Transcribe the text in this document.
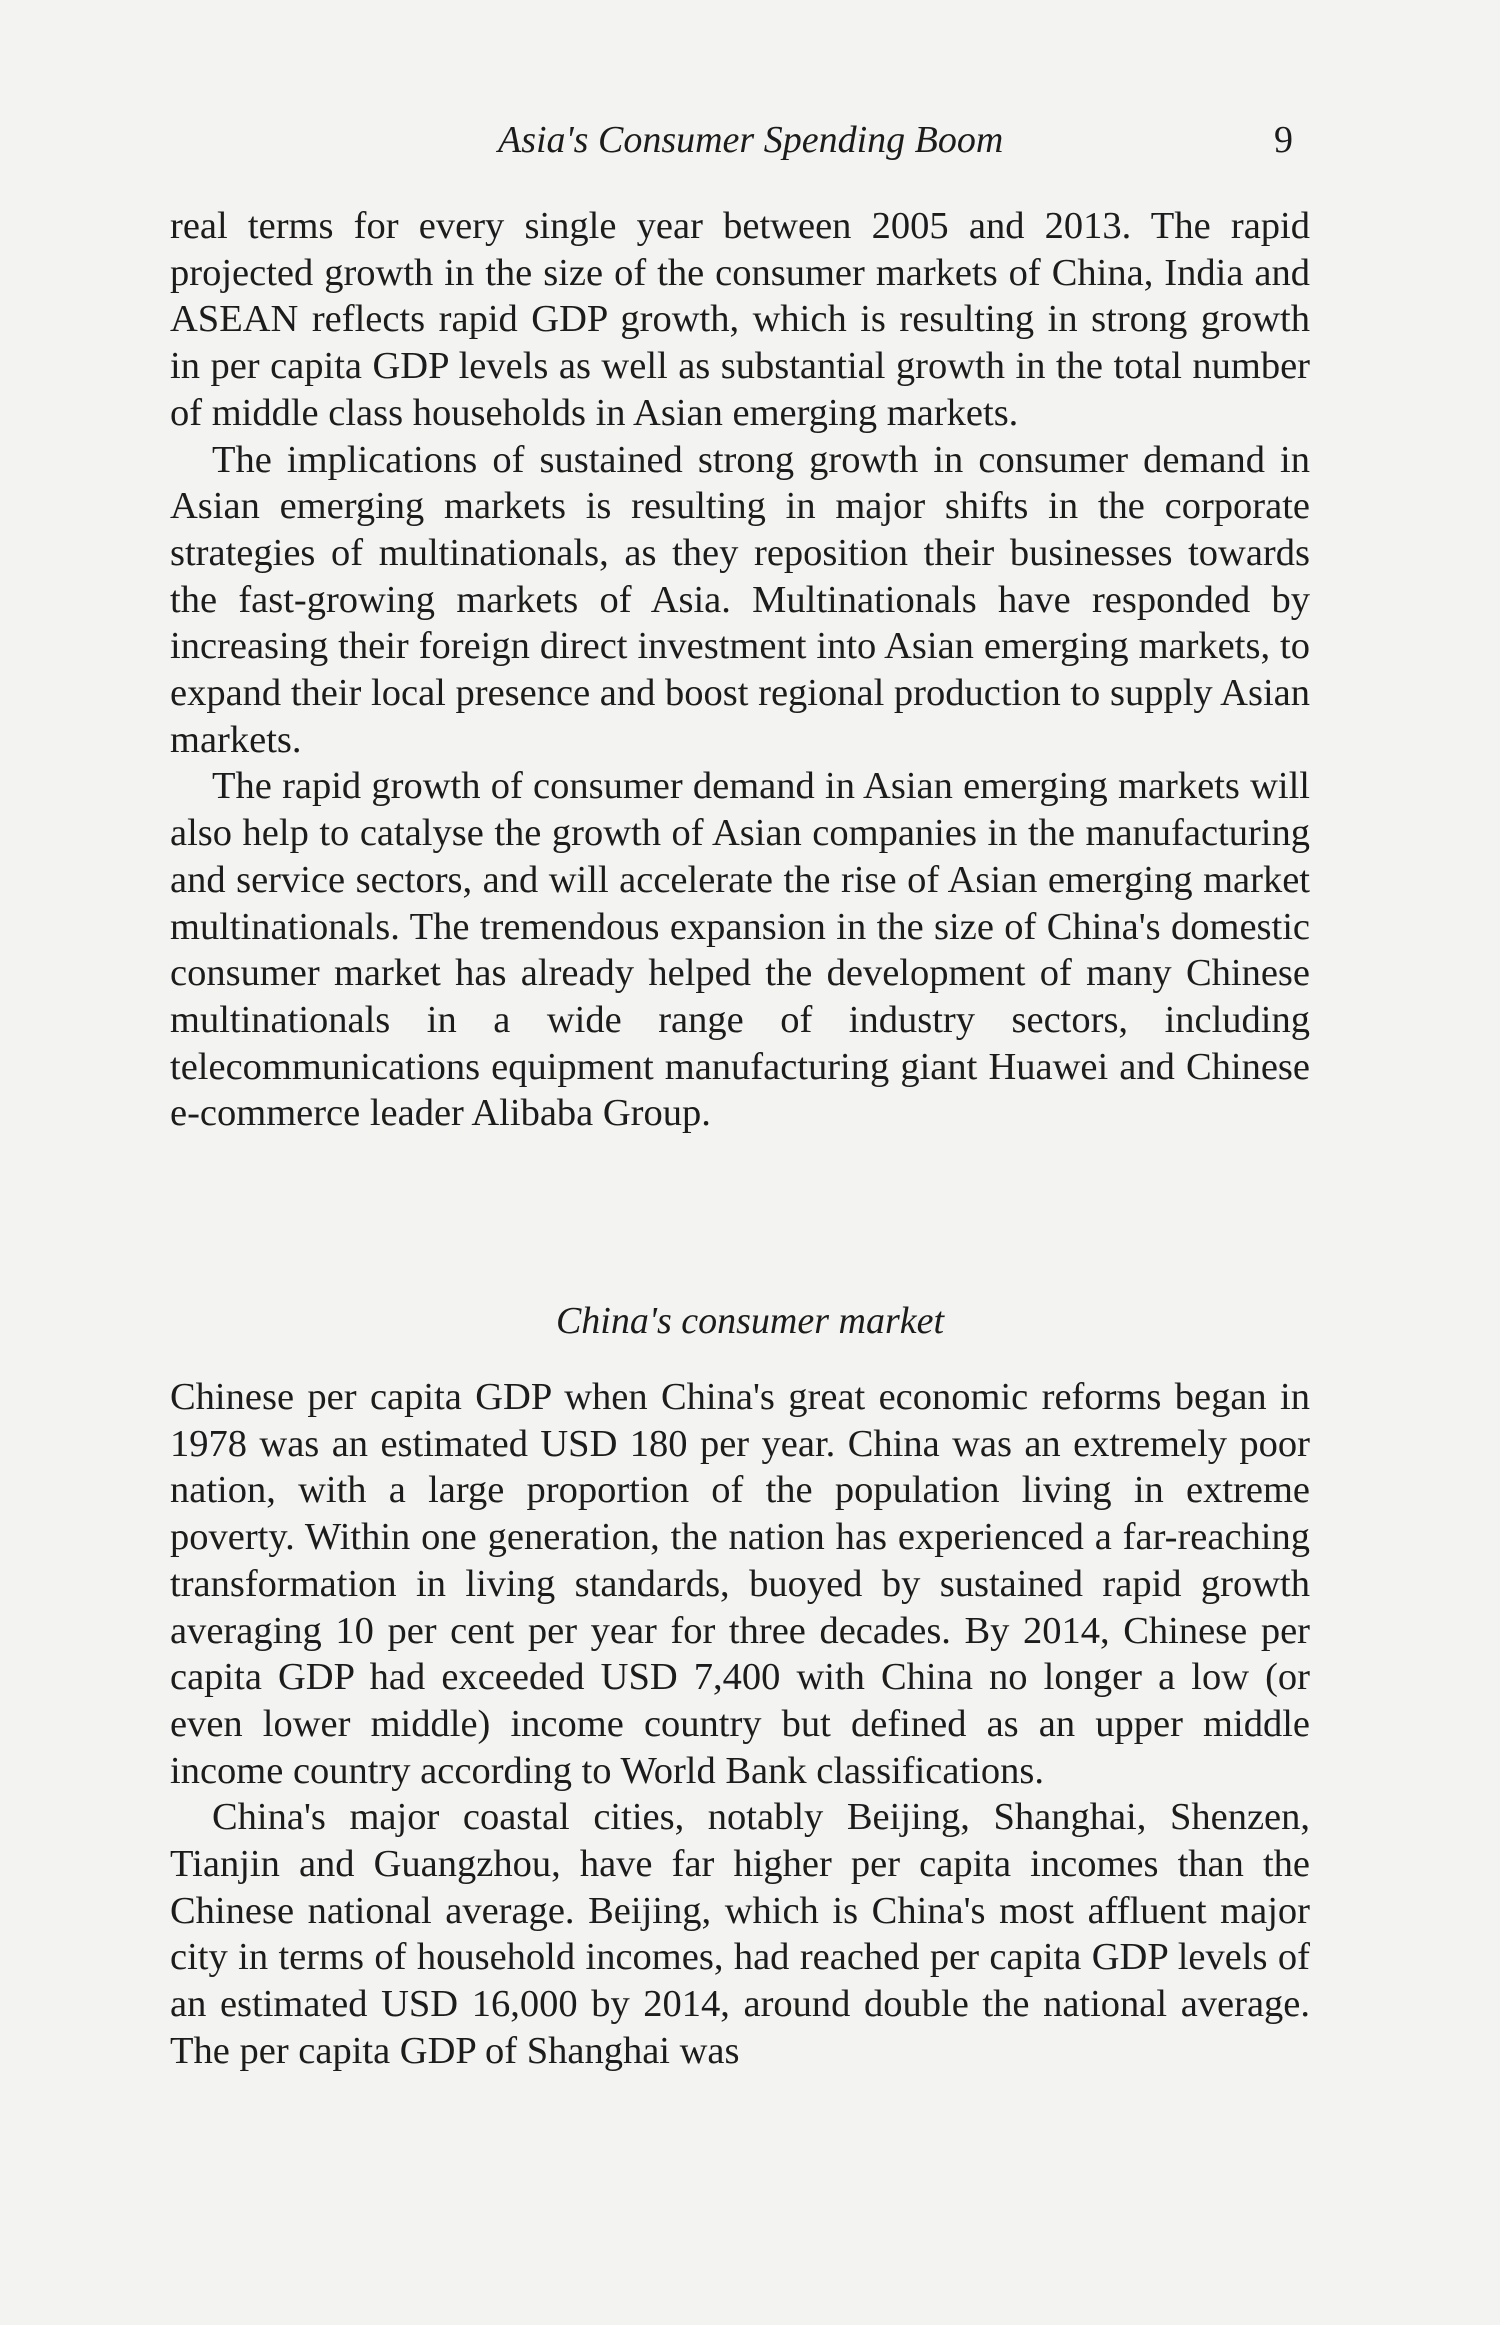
Asia's Consumer Spending Boom	9

real terms for every single year between 2005 and 2013. The rapid projected growth in the size of the consumer markets of China, India and ASEAN reflects rapid GDP growth, which is resulting in strong growth in per capita GDP levels as well as substantial growth in the total number of middle class households in Asian emerging markets.

The implications of sustained strong growth in consumer demand in Asian emerging markets is resulting in major shifts in the corporate strategies of multinationals, as they reposition their businesses towards the fast-growing markets of Asia. Multinationals have responded by increasing their foreign direct investment into Asian emerging markets, to expand their local presence and boost regional production to supply Asian markets.

The rapid growth of consumer demand in Asian emerging markets will also help to catalyse the growth of Asian companies in the manufacturing and service sectors, and will accelerate the rise of Asian emerging market multinationals. The tremendous expansion in the size of China's domestic consumer market has already helped the development of many Chinese multinationals in a wide range of industry sectors, including telecommunications equipment manufacturing giant Huawei and Chinese e-commerce leader Alibaba Group.

China's consumer market

Chinese per capita GDP when China's great economic reforms began in 1978 was an estimated USD 180 per year. China was an extremely poor nation, with a large proportion of the population living in extreme poverty. Within one generation, the nation has experienced a far-reaching transformation in living standards, buoyed by sustained rapid growth averaging 10 per cent per year for three decades. By 2014, Chinese per capita GDP had exceeded USD 7,400 with China no longer a low (or even lower middle) income country but defined as an upper middle income country according to World Bank classifications.

China's major coastal cities, notably Beijing, Shanghai, Shenzen, Tianjin and Guangzhou, have far higher per capita incomes than the Chinese national average. Beijing, which is China's most affluent major city in terms of household incomes, had reached per capita GDP levels of an estimated USD 16,000 by 2014, around double the national average. The per capita GDP of Shanghai was
